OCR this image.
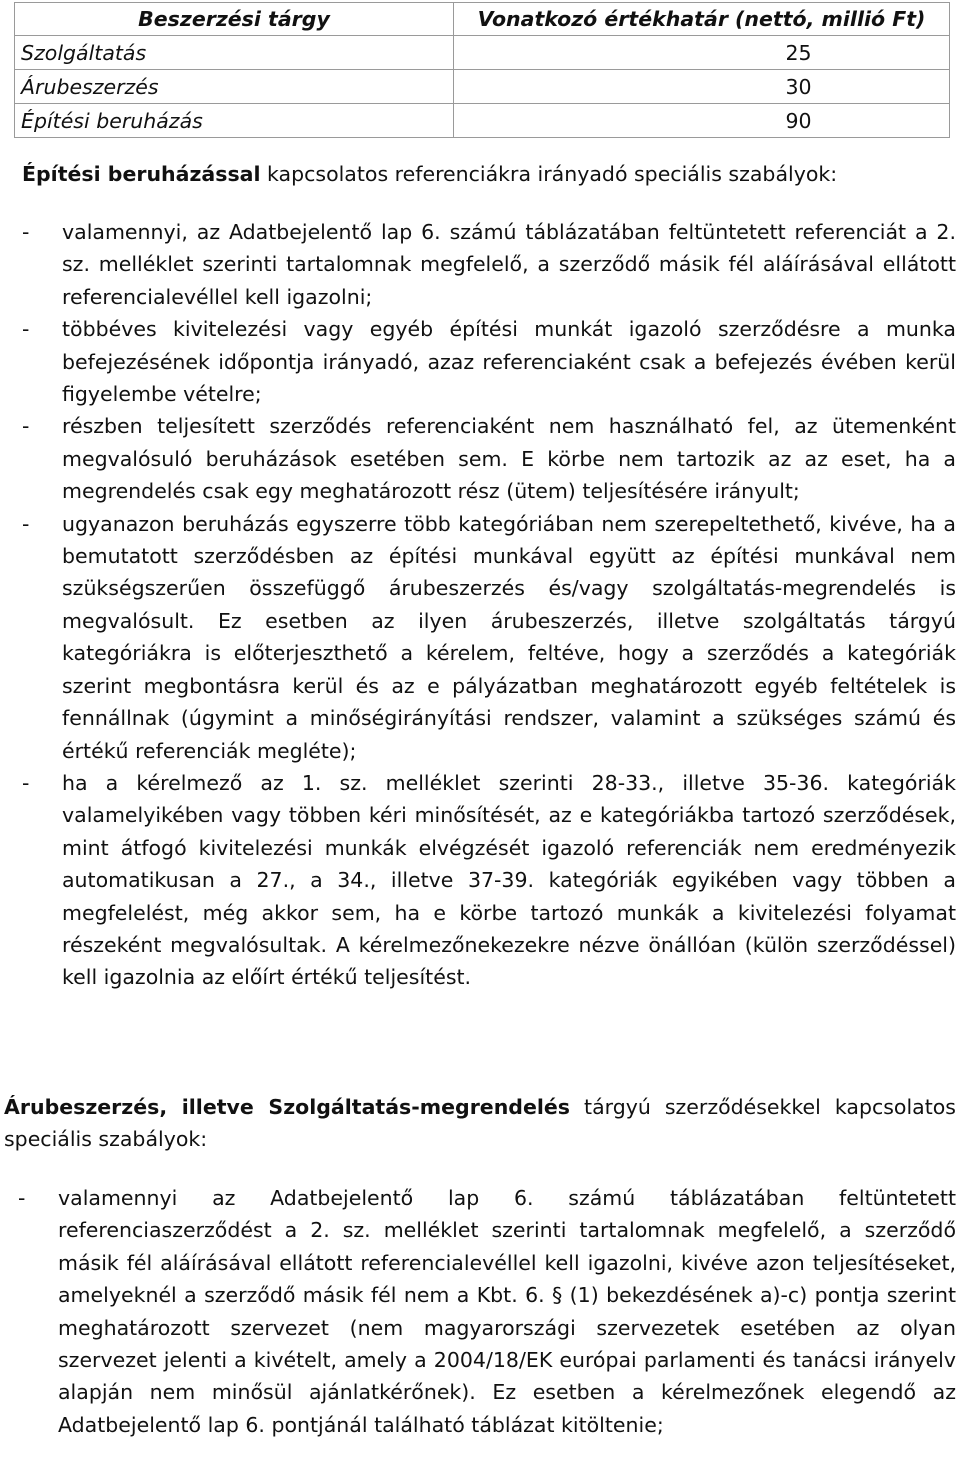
Beszerzési tárgy	Vonatkozó értékhatár (nettó, millió Ft)
Szolgáltatás	25
Árubeszerzés	30
Építési beruházás	90
Építési beruházással kapcsolatos referenciákra irányadó speciális szabályok:
- valamennyi, az Adatbejelentő lap 6. számú táblázatában feltüntetett referenciát a 2. sz. melléklet szerinti tartalomnak megfelelő, a szerződő másik fél aláírásával ellátott referencialevéllel kell igazolni;
- többéves kivitelezési vagy egyéb építési munkát igazoló szerződésre a munka befejezésének időpontja irányadó, azaz referenciaként csak a befejezés évében kerül figyelembe vételre;
- részben teljesített szerződés referenciaként nem használható fel, az ütemenként megvalósuló beruházások esetében sem. E körbe nem tartozik az az eset, ha a megrendelés csak egy meghatározott rész (ütem) teljesítésére irányult;
- ugyanazon beruházás egyszerre több kategóriában nem szerepeltethető, kivéve, ha a bemutatott szerződésben az építési munkával együtt az építési munkával nem szükségszerűen összefüggő árubeszerzés és/vagy szolgáltatás-megrendelés is megvalósult. Ez esetben az ilyen árubeszerzés, illetve szolgáltatás tárgyú kategóriákra is előterjeszthető a kérelem, feltéve, hogy a szerződés a kategóriák szerint megbontásra kerül és az e pályázatban meghatározott egyéb feltételek is fennállnak (úgymint a minőségirányítási rendszer, valamint a szükséges számú és értékű referenciák megléte);
- ha a kérelmező az 1. sz. melléklet szerinti 28-33., illetve 35-36. kategóriák valamelyikében vagy többen kéri minősítését, az e kategóriákba tartozó szerződések, mint átfogó kivitelezési munkák elvégzését igazoló referenciák nem eredményezik automatikusan a 27., a 34., illetve 37-39. kategóriák egyikében vagy többen a megfelelést, még akkor sem, ha e körbe tartozó munkák a kivitelezési folyamat részeként megvalósultak. A kérelmezőnekezekre nézve önállóan (külön szerződéssel) kell igazolnia az előírt értékű teljesítést.
Árubeszerzés, illetve Szolgáltatás-megrendelés tárgyú szerződésekkel kapcsolatos speciális szabályok:
- valamennyi az Adatbejelentő lap 6. számú táblázatában feltüntetett referenciaszerződést a 2. sz. melléklet szerinti tartalomnak megfelelő, a szerződő másik fél aláírásával ellátott referencialevéllel kell igazolni, kivéve azon teljesítéseket, amelyeknél a szerződő másik fél nem a Kbt. 6. § (1) bekezdésének a)-c) pontja szerint meghatározott szervezet (nem magyarországi szervezetek esetében az olyan szervezet jelenti a kivételt, amely a 2004/18/EK európai parlamenti és tanácsi irányelv alapján nem minősül ajánlatkérőnek). Ez esetben a kérelmezőnek elegendő az Adatbejelentő lap 6. pontjánál található táblázat kitöltenie;
